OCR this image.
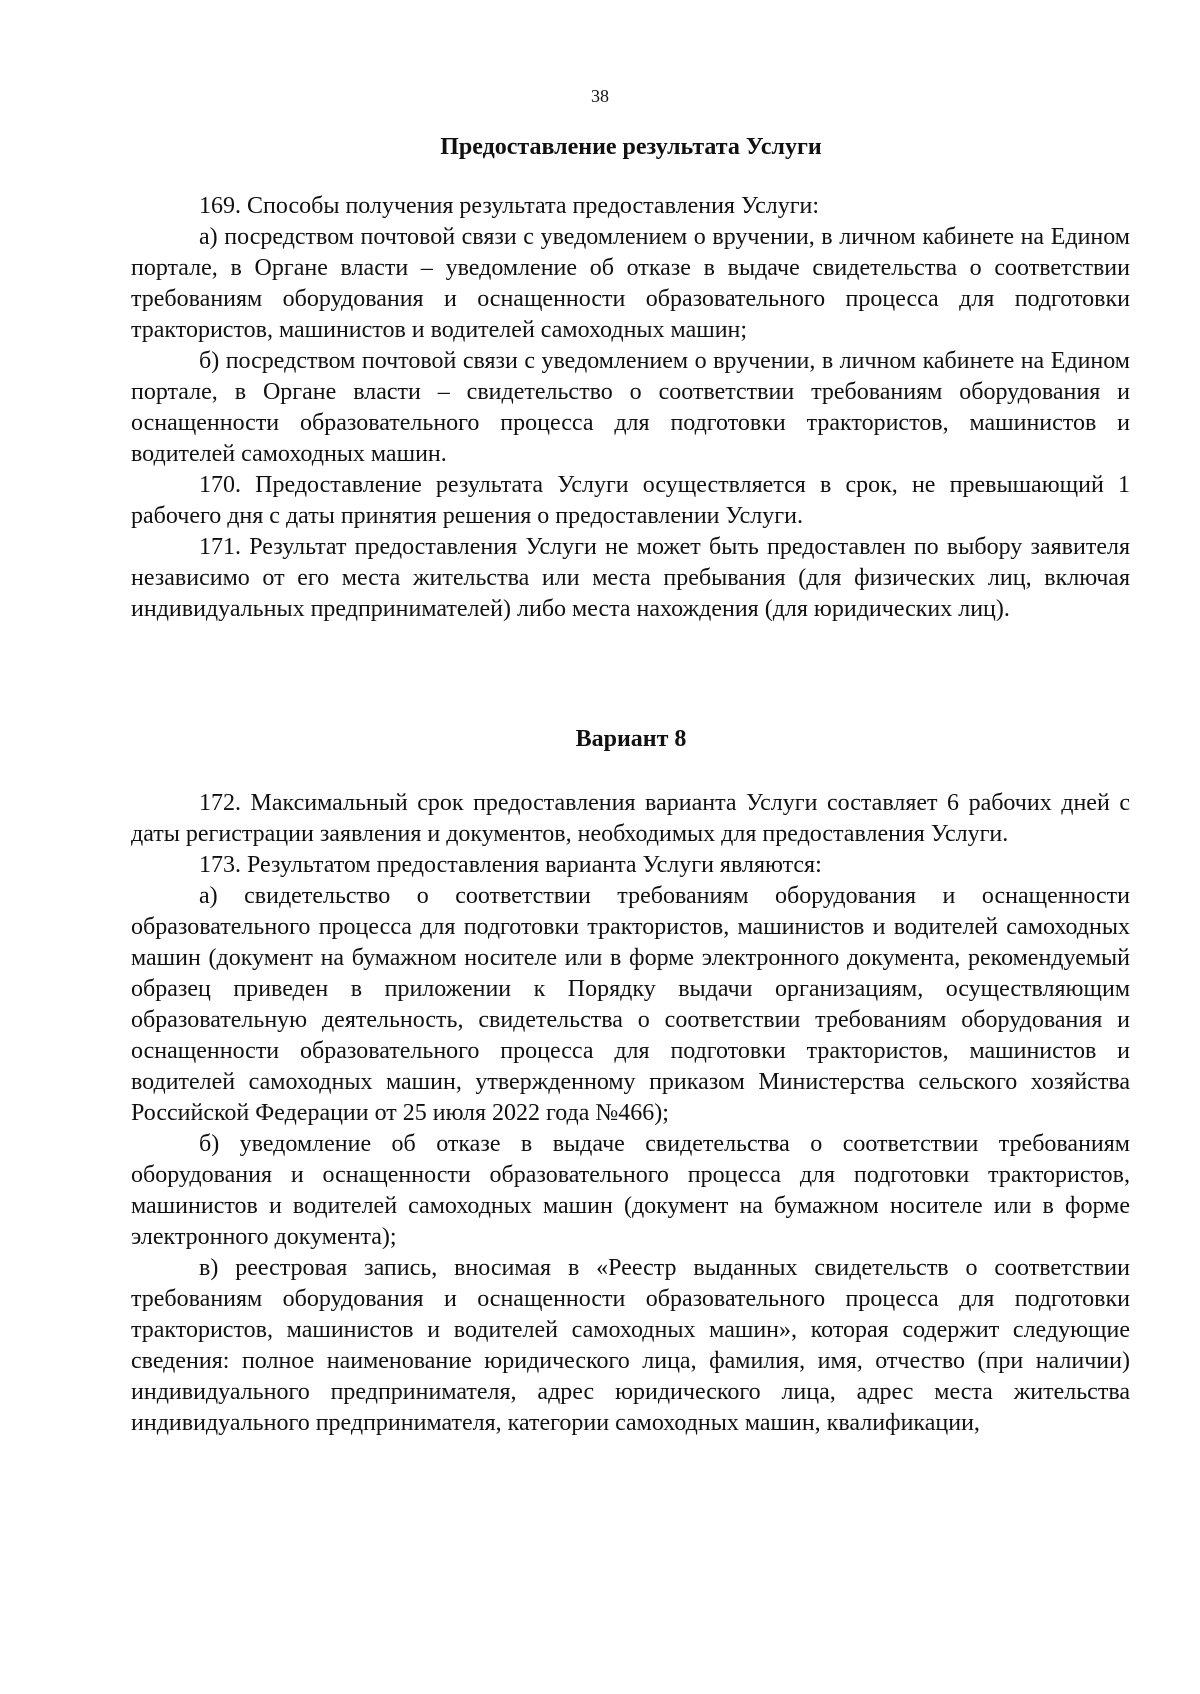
38
Предоставление результата Услуги

169. Способы получения результата предоставления Услуги:

а) посредством почтовой связи с уведомлением о вручении, в личном кабинете на Едином портале, в Органе власти – уведомление об отказе в выдаче свидетельства о соответствии требованиям оборудования и оснащенности образовательного процесса для подготовки трактористов, машинистов и водителей самоходных машин;

б) посредством почтовой связи с уведомлением о вручении, в личном кабинете на Едином портале, в Органе власти – свидетельство о соответствии требованиям оборудования и оснащенности образовательного процесса для подготовки трактористов, машинистов и водителей самоходных машин.

170. Предоставление результата Услуги осуществляется в срок, не превышающий 1 рабочего дня с даты принятия решения о предоставлении Услуги.

171. Результат предоставления Услуги не может быть предоставлен по выбору заявителя независимо от его места жительства или места пребывания (для физических лиц, включая индивидуальных предпринимателей) либо места нахождения (для юридических лиц).

Вариант 8

172. Максимальный срок предоставления варианта Услуги составляет 6 рабочих дней с даты регистрации заявления и документов, необходимых для предоставления Услуги.

173. Результатом предоставления варианта Услуги являются:

а) свидетельство о соответствии требованиям оборудования и оснащенности образовательного процесса для подготовки трактористов, машинистов и водителей самоходных машин (документ на бумажном носителе или в форме электронного документа, рекомендуемый образец приведен в приложении к Порядку выдачи организациям, осуществляющим образовательную деятельность, свидетельства о соответствии требованиям оборудования и оснащенности образовательного процесса для подготовки трактористов, машинистов и водителей самоходных машин, утвержденному приказом Министерства сельского хозяйства Российской Федерации от 25 июля 2022 года №466);

б) уведомление об отказе в выдаче свидетельства о соответствии требованиям оборудования и оснащенности образовательного процесса для подготовки трактористов, машинистов и водителей самоходных машин (документ на бумажном носителе или в форме электронного документа);

в) реестровая запись, вносимая в «Реестр выданных свидетельств о соответствии требованиям оборудования и оснащенности образовательного процесса для подготовки трактористов, машинистов и водителей самоходных машин», которая содержит следующие сведения: полное наименование юридического лица, фамилия, имя, отчество (при наличии) индивидуального предпринимателя, адрес юридического лица, адрес места жительства индивидуального предпринимателя, категории самоходных машин, квалификации,
